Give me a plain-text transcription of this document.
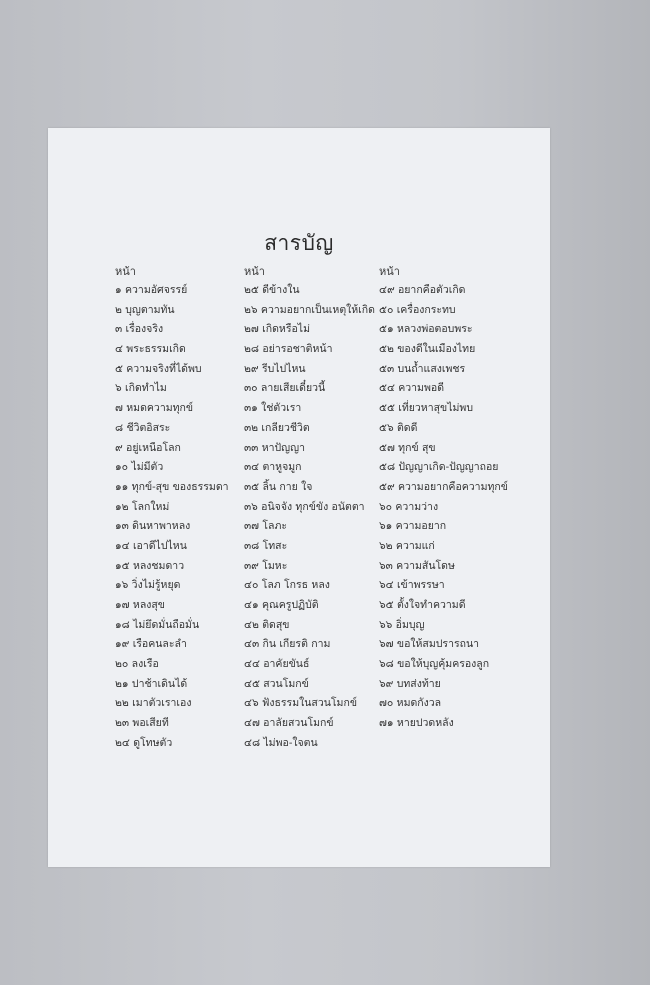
สารบัญ
หน้า
๑ ความอัศจรรย์
๒ บุญตามทัน
๓ เรื่องจริง
๔ พระธรรมเกิด
๕ ความจริงที่ได้พบ
๖ เกิดทำไม
๗ หมดความทุกข์
๘ ชีวิตอิสระ
๙ อยู่เหนือโลก
๑๐ ไม่มีตัว
๑๑ ทุกข์-สุข ของธรรมดา
๑๒ โลกใหม่
๑๓ ดินหาพาหลง
๑๔ เอาดีไปไหน
๑๕ หลงชมดาว
๑๖ วิ่งไม่รู้หยุด
๑๗ หลงสุข
๑๘ ไม่ยึดมั่นถือมั่น
๑๙ เรือคนละลำ
๒๐ ลงเรือ
๒๑ ปาช้าเดินได้
๒๒ เมาตัวเราเอง
๒๓ พอเสียที
๒๔ ดูโทษตัว
หน้า
๒๕ ดีข้างใน
๒๖ ความอยากเป็นเหตุให้เกิด
๒๗ เกิดหรือไม่
๒๘ อย่ารอชาติหน้า
๒๙ รีบไปไหน
๓๐ ลายเสียเดี๋ยวนี้
๓๑ ใช่ตัวเรา
๓๒ เกลียวชีวิต
๓๓ หาปัญญา
๓๔ ตาหูจมูก
๓๕ ลิ้น กาย ใจ
๓๖ อนิจจัง ทุกข์ขัง อนัตตา
๓๗ โลภะ
๓๘ โทสะ
๓๙ โมหะ
๔๐ โลภ โกรธ หลง
๔๑ คุณครูปฏิบัติ
๔๒ ติดสุข
๔๓ กิน เกียรติ กาม
๔๔ อาคัยขันธ์
๔๕ สวนโมกข์
๔๖ ฟังธรรมในสวนโมกข์
๔๗ อาลัยสวนโมกข์
๔๘ ไม่พอ-ใจตน
หน้า
๔๙ อยากคือตัวเกิด
๕๐ เครื่องกระทบ
๕๑ หลวงพ่อตอบพระ
๕๒ ของดีในเมืองไทย
๕๓ บนถ้ำแสงเพชร
๕๔ ความพอดี
๕๕ เที่ยวหาสุขไม่พบ
๕๖ ติดดี
๕๗ ทุกข์ สุข
๕๘ ปัญญาเกิด-ปัญญาถอย
๕๙ ความอยากคือความทุกข์
๖๐ ความว่าง
๖๑ ความอยาก
๖๒ ความแก่
๖๓ ความสันโดษ
๖๔ เข้าพรรษา
๖๕ ตั้งใจทำความดี
๖๖ อิ่มบุญ
๖๗ ขอให้สมปรารถนา
๖๘ ขอให้บุญคุ้มครองลูก
๖๙ บทส่งท้าย
๗๐ หมดกังวล
๗๑ หายปวดหลัง
